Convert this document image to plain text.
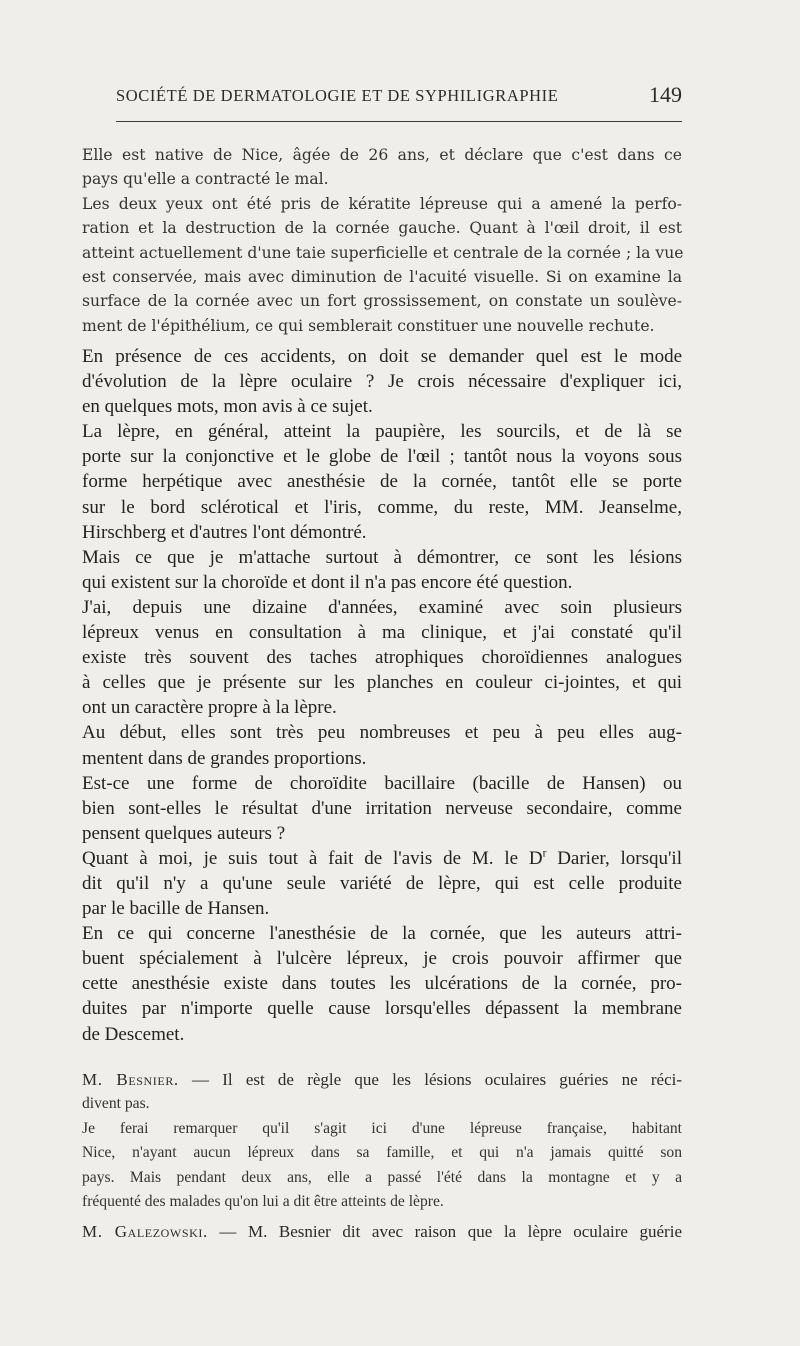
SOCIÉTÉ DE DERMATOLOGIE ET DE SYPHILIGRAPHIE	149
Elle est native de Nice, âgée de 26 ans, et déclare que c'est dans ce
pays qu'elle a contracté le mal.
Les deux yeux ont été pris de kératite lépreuse qui a amené la perfo-
ration et la destruction de la cornée gauche. Quant à l'œil droit, il est
atteint actuellement d'une taie superficielle et centrale de la cornée ; la vue
est conservée, mais avec diminution de l'acuité visuelle. Si on examine la
surface de la cornée avec un fort grossissement, on constate un soulève-
ment de l'épithélium, ce qui semblerait constituer une nouvelle rechute.
En présence de ces accidents, on doit se demander quel est le mode
d'évolution de la lèpre oculaire ? Je crois nécessaire d'expliquer ici,
en quelques mots, mon avis à ce sujet.
La lèpre, en général, atteint la paupière, les sourcils, et de là se
porte sur la conjonctive et le globe de l'œil ; tantôt nous la voyons sous
forme herpétique avec anesthésie de la cornée, tantôt elle se porte
sur le bord sclérotical et l'iris, comme, du reste, MM. Jeanselme,
Hirschberg et d'autres l'ont démontré.
Mais ce que je m'attache surtout à démontrer, ce sont les lésions
qui existent sur la choroïde et dont il n'a pas encore été question.
J'ai, depuis une dizaine d'années, examiné avec soin plusieurs
lépreux venus en consultation à ma clinique, et j'ai constaté qu'il
existe très souvent des taches atrophiques choroïdiennes analogues
à celles que je présente sur les planches en couleur ci-jointes, et qui
ont un caractère propre à la lèpre.
Au début, elles sont très peu nombreuses et peu à peu elles aug-
mentent dans de grandes proportions.
Est-ce une forme de choroïdite bacillaire (bacille de Hansen) ou
bien sont-elles le résultat d'une irritation nerveuse secondaire, comme
pensent quelques auteurs ?
Quant à moi, je suis tout à fait de l'avis de M. le $D^r$ Darier, lorsqu'il
dit qu'il n'y a qu'une seule variété de lèpre, qui est celle produite
par le bacille de Hansen.
En ce qui concerne l'anesthésie de la cornée, que les auteurs attri-
buent spécialement à l'ulcère lépreux, je crois pouvoir affirmer que
cette anesthésie existe dans toutes les ulcérations de la cornée, pro-
duites par n'importe quelle cause lorsqu'elles dépassent la membrane
de Descemet.
M. Besnier. — Il est de règle que les lésions oculaires guéries ne réci-
divent pas.
Je ferai remarquer qu'il s'agit ici d'une lépreuse française, habitant
Nice, n'ayant aucun lépreux dans sa famille, et qui n'a jamais quitté son
pays. Mais pendant deux ans, elle a passé l'été dans la montagne et y a
fréquenté des malades qu'on lui a dit être atteints de lèpre.
M. Galezowski. — M. Besnier dit avec raison que la lèpre oculaire guérie
